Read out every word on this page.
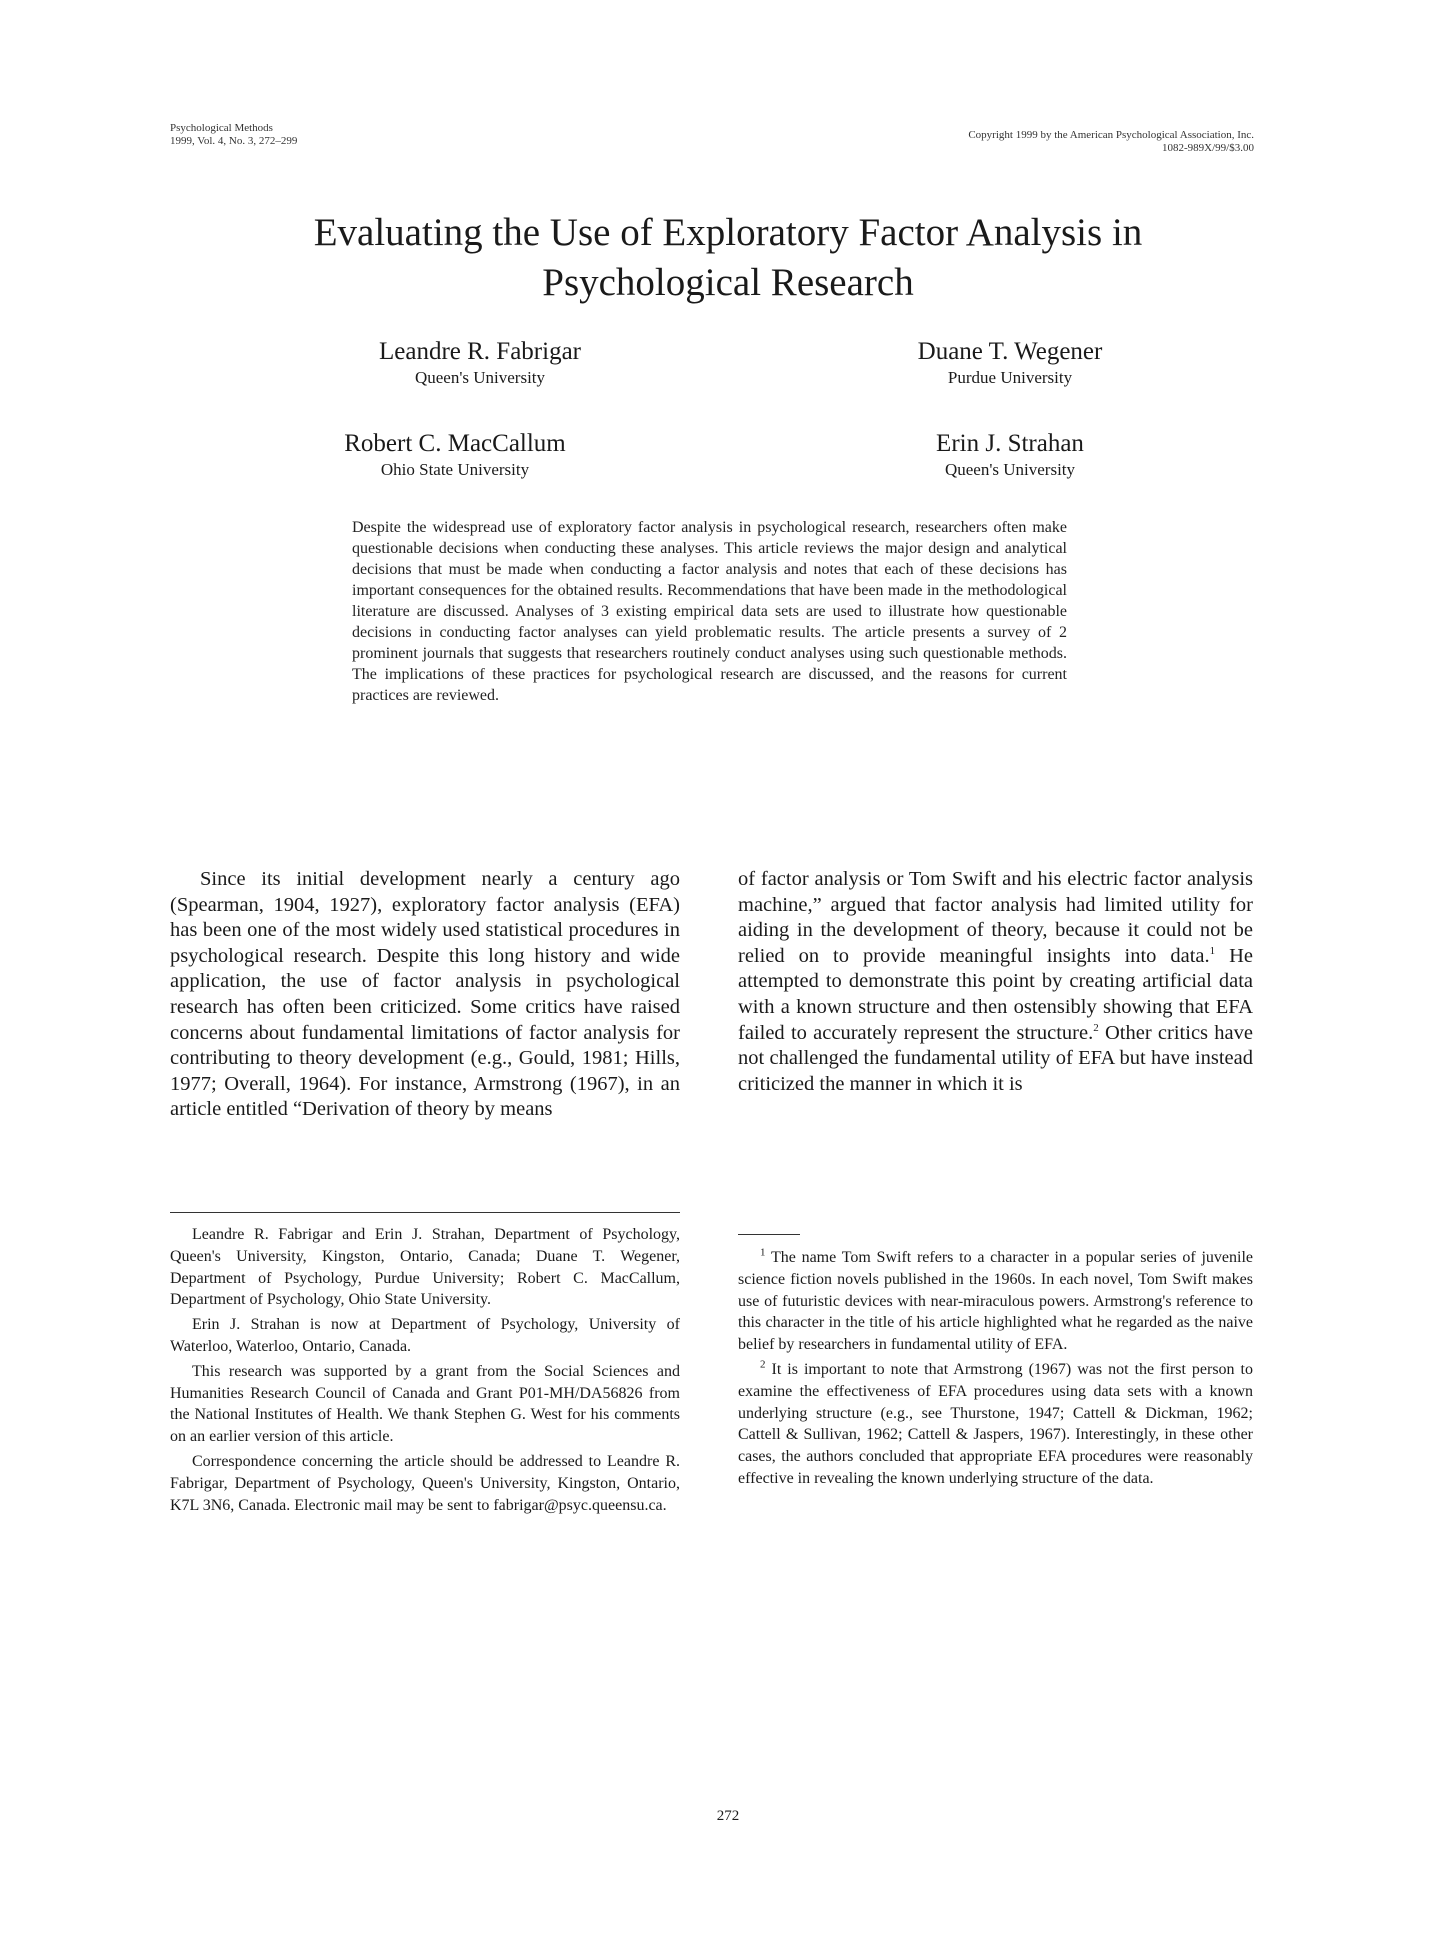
Psychological Methods
1999, Vol. 4, No. 3, 272–299	Copyright 1999 by the American Psychological Association, Inc.
1082-989X/99/$3.00
Evaluating the Use of Exploratory Factor Analysis in Psychological Research
Leandre R. Fabrigar
Queen's University
Duane T. Wegener
Purdue University
Robert C. MacCallum
Ohio State University
Erin J. Strahan
Queen's University
Despite the widespread use of exploratory factor analysis in psychological research, researchers often make questionable decisions when conducting these analyses. This article reviews the major design and analytical decisions that must be made when conducting a factor analysis and notes that each of these decisions has important consequences for the obtained results. Recommendations that have been made in the methodological literature are discussed. Analyses of 3 existing empirical data sets are used to illustrate how questionable decisions in conducting factor analyses can yield problematic results. The article presents a survey of 2 prominent journals that suggests that researchers routinely conduct analyses using such questionable methods. The implications of these practices for psychological research are discussed, and the reasons for current practices are reviewed.
Since its initial development nearly a century ago (Spearman, 1904, 1927), exploratory factor analysis (EFA) has been one of the most widely used statistical procedures in psychological research. Despite this long history and wide application, the use of factor analysis in psychological research has often been criticized. Some critics have raised concerns about fundamental limitations of factor analysis for contributing to theory development (e.g., Gould, 1981; Hills, 1977; Overall, 1964). For instance, Armstrong (1967), in an article entitled “Derivation of theory by means
of factor analysis or Tom Swift and his electric factor analysis machine,” argued that factor analysis had limited utility for aiding in the development of theory, because it could not be relied on to provide meaningful insights into data.$^1$ He attempted to demonstrate this point by creating artificial data with a known structure and then ostensibly showing that EFA failed to accurately represent the structure.$^2$ Other critics have not challenged the fundamental utility of EFA but have instead criticized the manner in which it is

Leandre R. Fabrigar and Erin J. Strahan, Department of Psychology, Queen's University, Kingston, Ontario, Canada; Duane T. Wegener, Department of Psychology, Purdue University; Robert C. MacCallum, Department of Psychology, Ohio State University.

Erin J. Strahan is now at Department of Psychology, University of Waterloo, Waterloo, Ontario, Canada.

This research was supported by a grant from the Social Sciences and Humanities Research Council of Canada and Grant P01-MH/DA56826 from the National Institutes of Health. We thank Stephen G. West for his comments on an earlier version of this article.

Correspondence concerning the article should be addressed to Leandre R. Fabrigar, Department of Psychology, Queen's University, Kingston, Ontario, K7L 3N6, Canada. Electronic mail may be sent to fabrigar@psyc.queensu.ca.

$^1$ The name Tom Swift refers to a character in a popular series of juvenile science fiction novels published in the 1960s. In each novel, Tom Swift makes use of futuristic devices with near-miraculous powers. Armstrong's reference to this character in the title of his article highlighted what he regarded as the naive belief by researchers in fundamental utility of EFA.

$^2$ It is important to note that Armstrong (1967) was not the first person to examine the effectiveness of EFA procedures using data sets with a known underlying structure (e.g., see Thurstone, 1947; Cattell & Dickman, 1962; Cattell & Sullivan, 1962; Cattell & Jaspers, 1967). Interestingly, in these other cases, the authors concluded that appropriate EFA procedures were reasonably effective in revealing the known underlying structure of the data.

272
